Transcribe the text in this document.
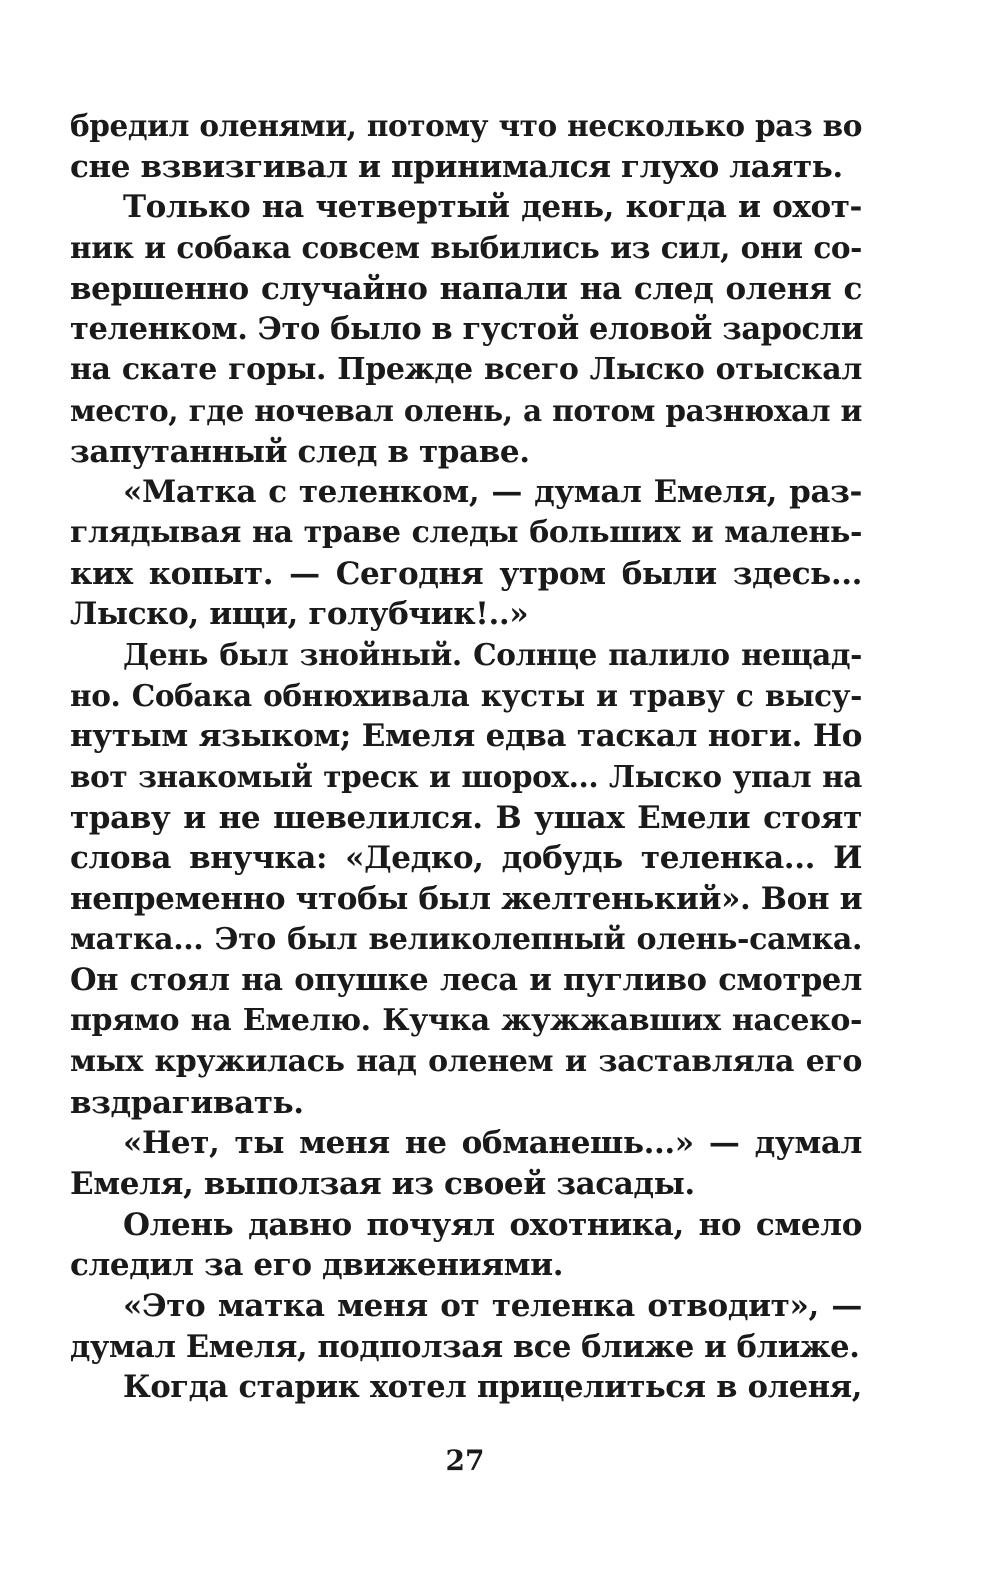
бредил оленями, потому что несколько раз во
сне взвизгивал и принимался глухо лаять.
Только на четвертый день, когда и охот-
ник и собака совсем выбились из сил, они со-
вершенно случайно напали на след оленя с
теленком. Это было в густой еловой заросли
на скате горы. Прежде всего Лыско отыскал
место, где ночевал олень, а потом разнюхал и
запутанный след в траве.
«Матка с теленком, — думал Емеля, раз-
глядывая на траве следы больших и малень-
ких копыт. — Сегодня утром были здесь...
Лыско, ищи, голубчик!..»
День был знойный. Солнце палило нещад-
но. Собака обнюхивала кусты и траву с высу-
нутым языком; Емеля едва таскал ноги. Но
вот знакомый треск и шорох... Лыско упал на
траву и не шевелился. В ушах Емели стоят
слова внучка: «Дедко, добудь теленка... И
непременно чтобы был желтенький». Вон и
матка... Это был великолепный олень-самка.
Он стоял на опушке леса и пугливо смотрел
прямо на Емелю. Кучка жужжавших насеко-
мых кружилась над оленем и заставляла его
вздрагивать.
«Нет, ты меня не обманешь...» — думал
Емеля, выползая из своей засады.
Олень давно почуял охотника, но смело
следил за его движениями.
«Это матка меня от теленка отводит», —
думал Емеля, подползая все ближе и ближе.
Когда старик хотел прицелиться в оленя,
27
